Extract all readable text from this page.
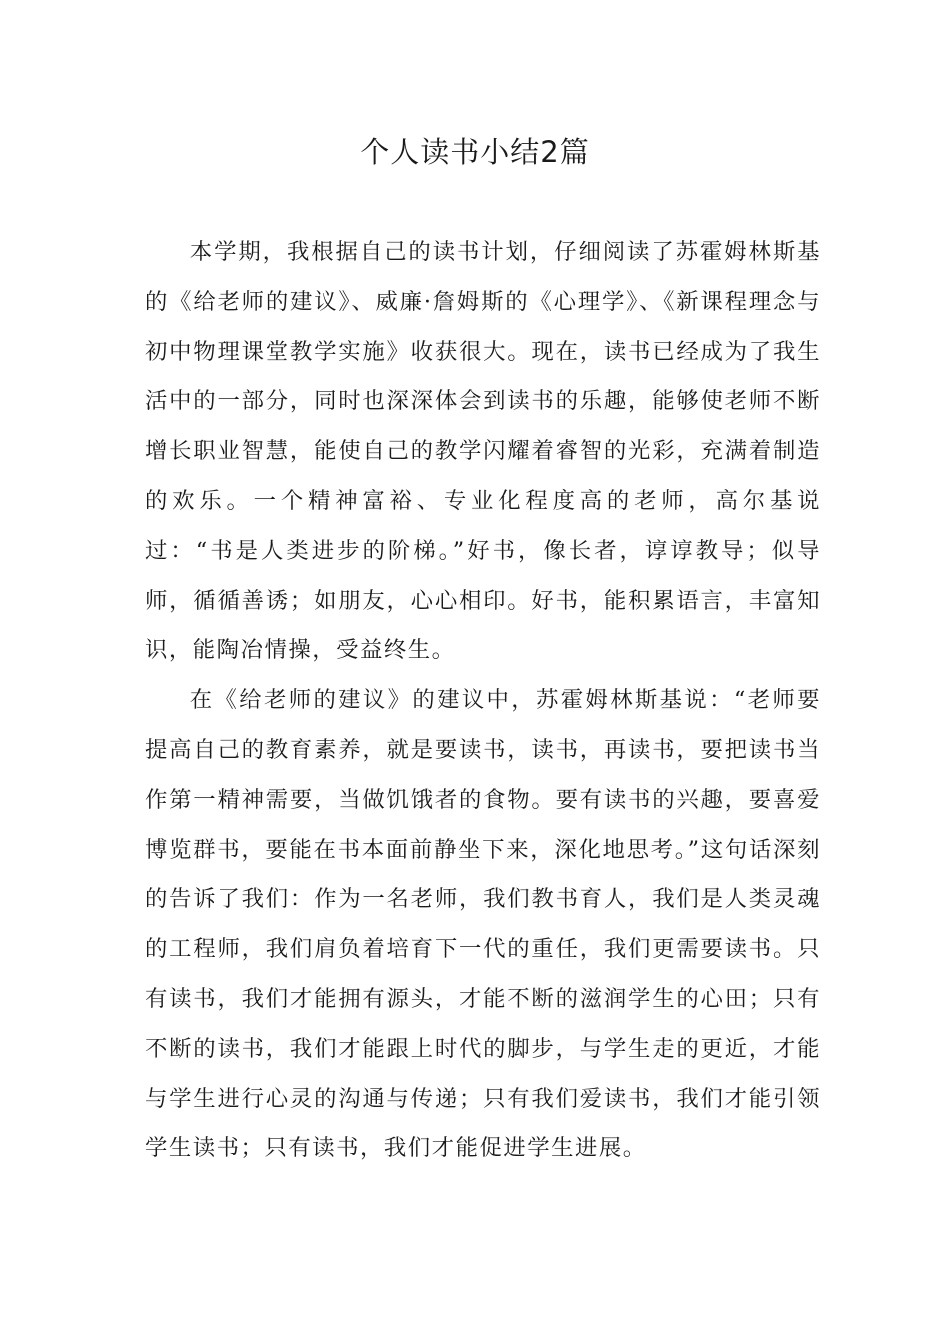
个人读书小结2篇

本学期，我根据自己的读书计划，仔细阅读了苏霍姆林斯基的《给老师的建议》、威廉·詹姆斯的《心理学》、《新课程理念与初中物理课堂教学实施》收获很大。现在，读书已经成为了我生活中的一部分，同时也深深体会到读书的乐趣，能够使老师不断增长职业智慧，能使自己的教学闪耀着睿智的光彩，充满着制造的欢乐。一个精神富裕、专业化程度高的老师，高尔基说过：“书是人类进步的阶梯。”好书，像长者，谆谆教导；似导师，循循善诱；如朋友，心心相印。好书，能积累语言，丰富知识，能陶冶情操，受益终生。

在《给老师的建议》的建议中，苏霍姆林斯基说：“老师要提高自己的教育素养，就是要读书，读书，再读书，要把读书当作第一精神需要，当做饥饿者的食物。要有读书的兴趣，要喜爱博览群书，要能在书本面前静坐下来，深化地思考。”这句话深刻的告诉了我们：作为一名老师，我们教书育人，我们是人类灵魂的工程师，我们肩负着培育下一代的重任，我们更需要读书。只有读书，我们才能拥有源头，才能不断的滋润学生的心田；只有不断的读书，我们才能跟上时代的脚步，与学生走的更近，才能与学生进行心灵的沟通与传递；只有我们爱读书，我们才能引领学生读书；只有读书，我们才能促进学生进展。
